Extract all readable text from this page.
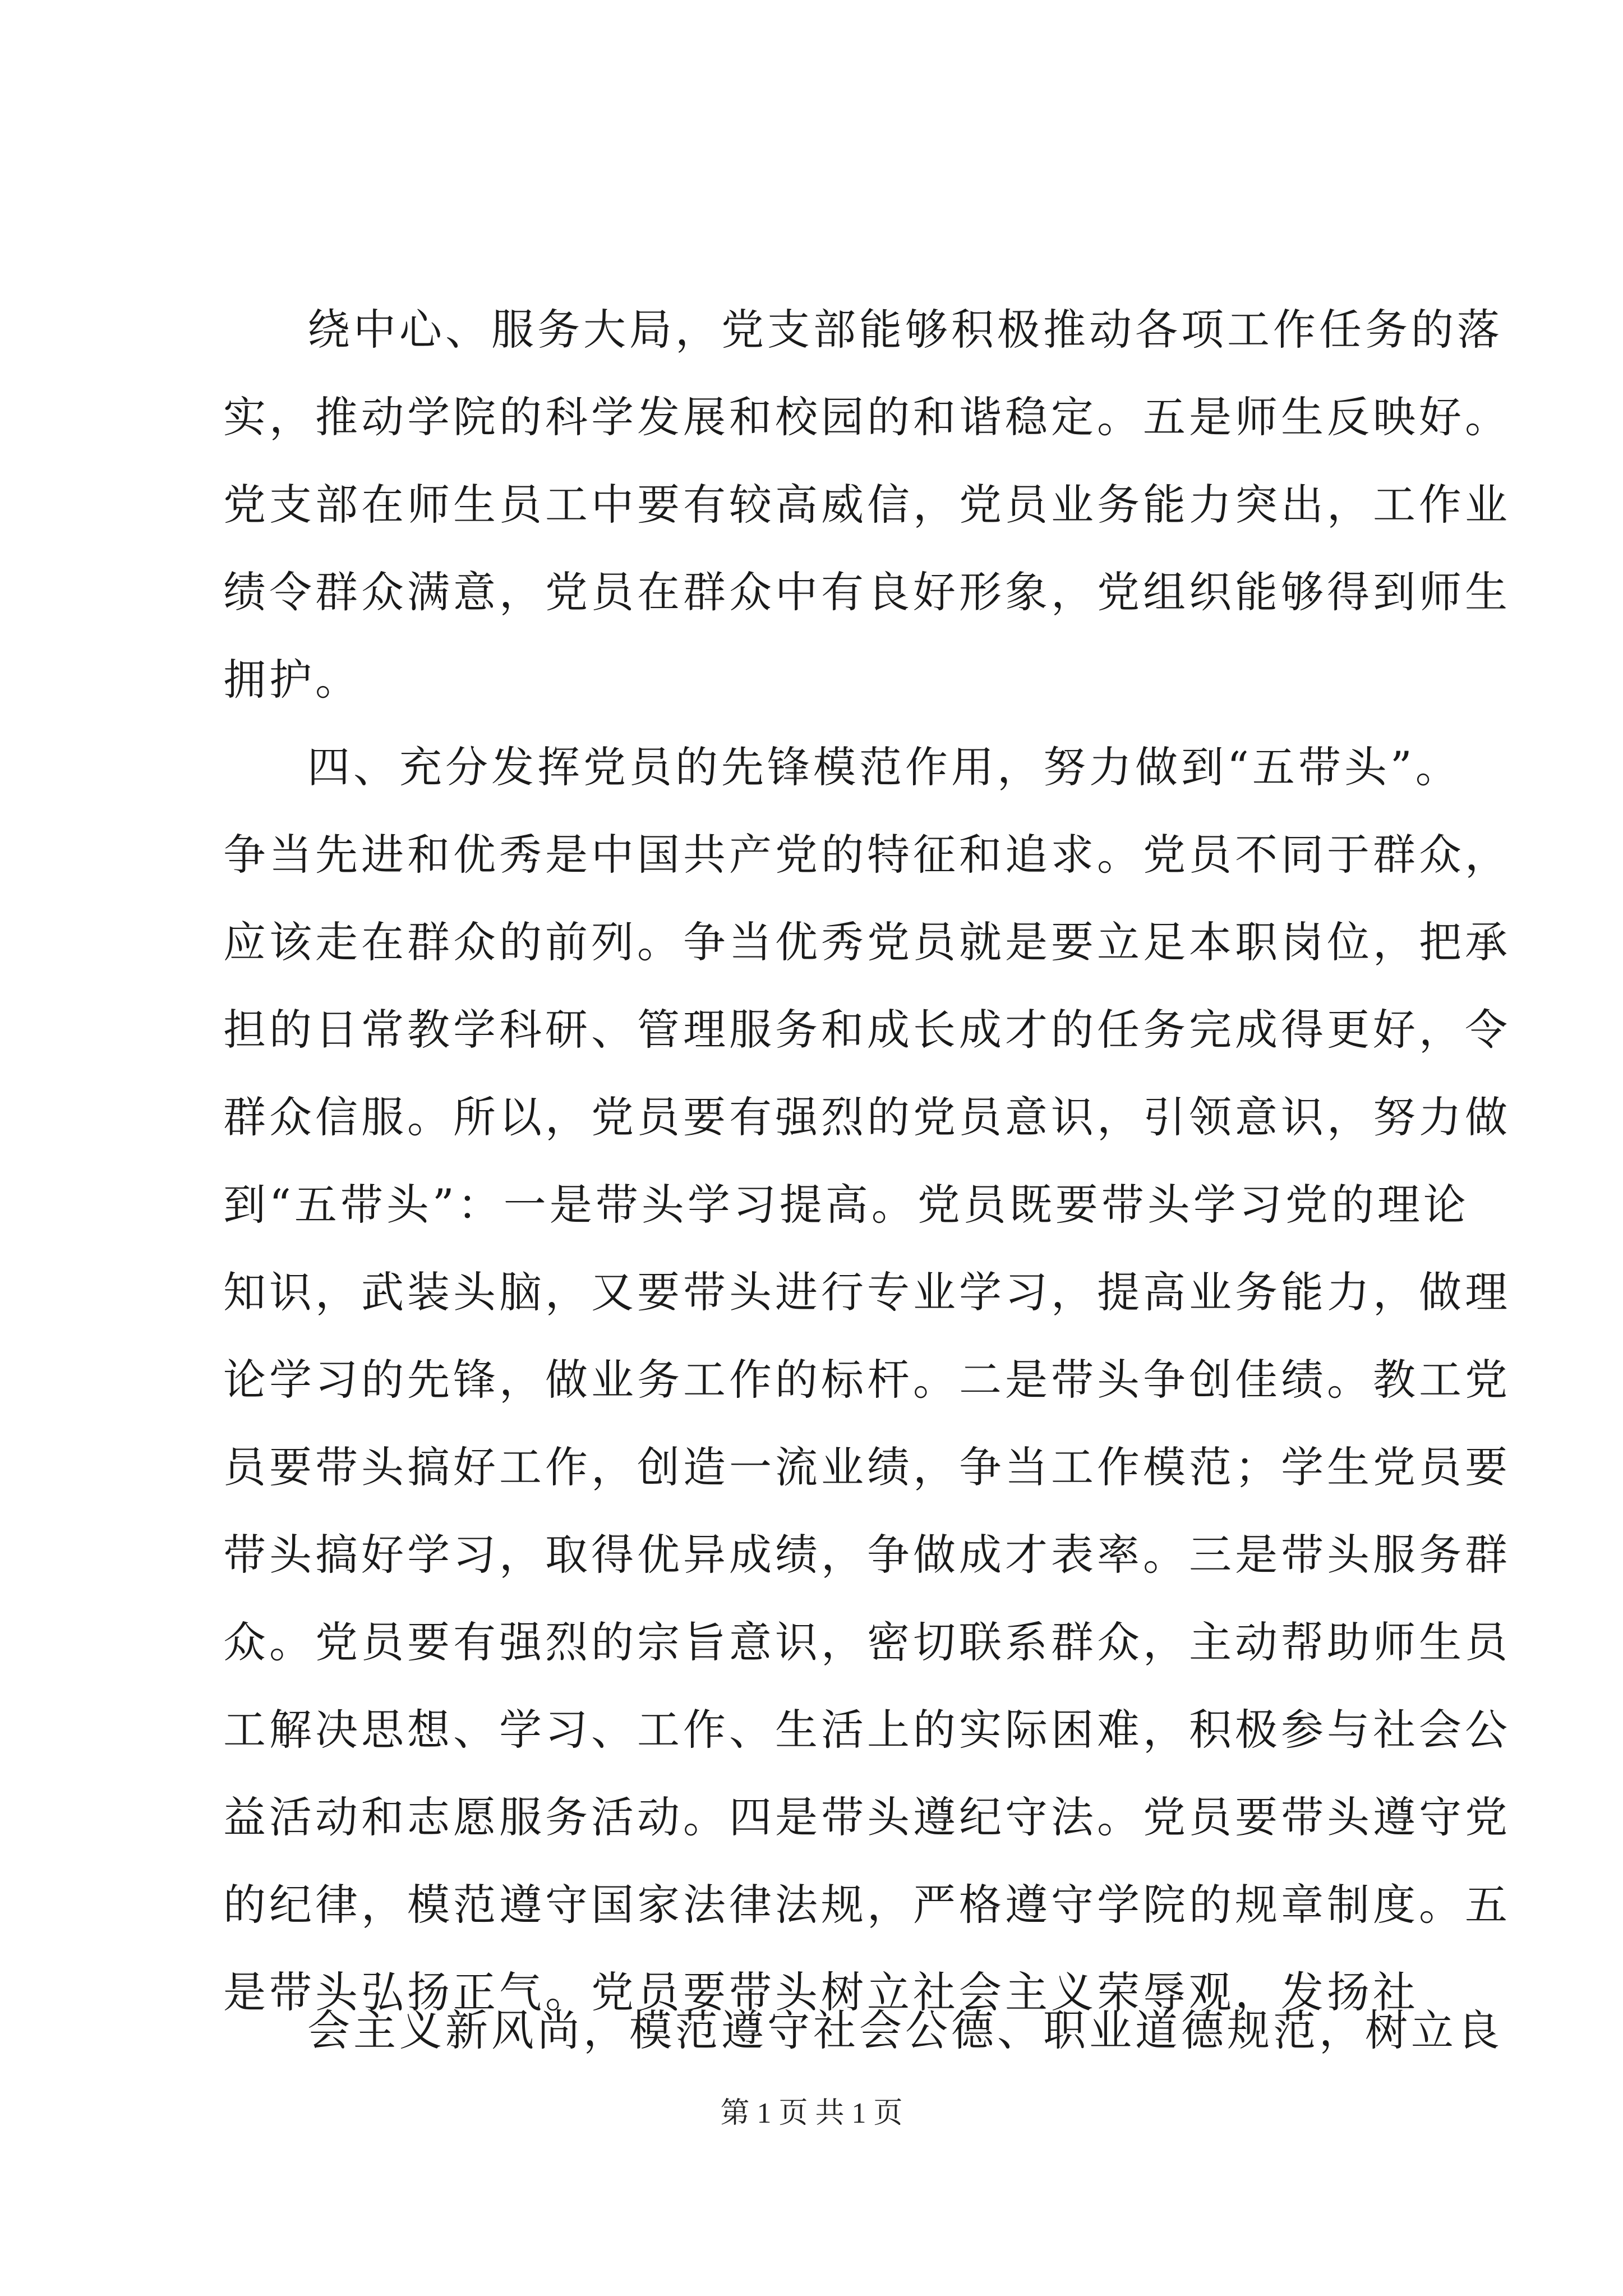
绕中心、服务大局，党支部能够积极推动各项工作任务的落
实，推动学院的科学发展和校园的和谐稳定。五是师生反映好。
党支部在师生员工中要有较高威信，党员业务能力突出，工作业
绩令群众满意，党员在群众中有良好形象，党组织能够得到师生
拥护。
四、充分发挥党员的先锋模范作用，努力做到“五带头”。
争当先进和优秀是中国共产党的特征和追求。党员不同于群众，
应该走在群众的前列。争当优秀党员就是要立足本职岗位，把承
担的日常教学科研、管理服务和成长成才的任务完成得更好，令
群众信服。所以，党员要有强烈的党员意识，引领意识，努力做
到“五带头”：一是带头学习提高。党员既要带头学习党的理论
知识，武装头脑，又要带头进行专业学习，提高业务能力，做理
论学习的先锋，做业务工作的标杆。二是带头争创佳绩。教工党
员要带头搞好工作，创造一流业绩，争当工作模范；学生党员要
带头搞好学习，取得优异成绩，争做成才表率。三是带头服务群
众。党员要有强烈的宗旨意识，密切联系群众，主动帮助师生员
工解决思想、学习、工作、生活上的实际困难，积极参与社会公
益活动和志愿服务活动。四是带头遵纪守法。党员要带头遵守党
的纪律，模范遵守国家法律法规，严格遵守学院的规章制度。五
是带头弘扬正气。党员要带头树立社会主义荣辱观，发扬社
会主义新风尚，模范遵守社会公德、职业道德规范，树立良
第 1 页 共 1 页
